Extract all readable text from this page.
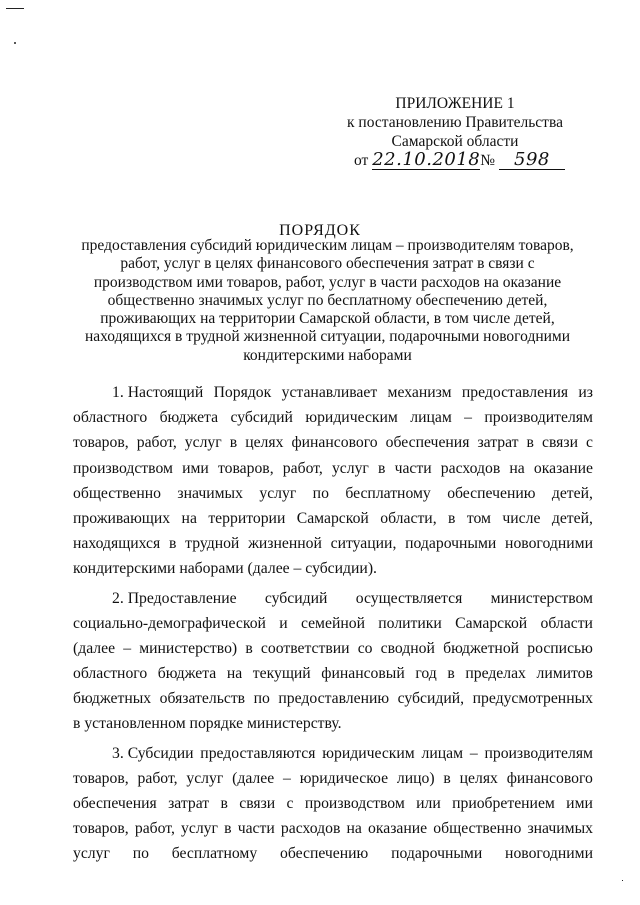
ПРИЛОЖЕНИЕ 1
к постановлению Правительства
Самарской области
от 22.10.2018№ 598
ПОРЯДОК
предоставления субсидий юридическим лицам – производителям товаров,
работ, услуг в целях финансового обеспечения затрат в связи с
производством ими товаров, работ, услуг в части расходов на оказание
общественно значимых услуг по бесплатному обеспечению детей,
проживающих на территории Самарской области, в том числе детей,
находящихся в трудной жизненной ситуации, подарочными новогодними
кондитерскими наборами
1. Настоящий Порядок устанавливает механизм предоставления из
областного бюджета субсидий юридическим лицам – производителям
товаров, работ, услуг в целях финансового обеспечения затрат в связи с
производством ими товаров, работ, услуг в части расходов на оказание
общественно значимых услуг по бесплатному обеспечению детей,
проживающих на территории Самарской области, в том числе детей,
находящихся в трудной жизненной ситуации, подарочными новогодними
кондитерскими наборами (далее – субсидии).
2. Предоставление субсидий осуществляется министерством
социально-демографической и семейной политики Самарской области
(далее – министерство) в соответствии со сводной бюджетной росписью
областного бюджета на текущий финансовый год в пределах лимитов
бюджетных обязательств по предоставлению субсидий, предусмотренных
в установленном порядке министерству.
3. Субсидии предоставляются юридическим лицам – производителям
товаров, работ, услуг (далее – юридическое лицо) в целях финансового
обеспечения затрат в связи с производством или приобретением ими
товаров, работ, услуг в части расходов на оказание общественно значимых
услуг по бесплатному обеспечению подарочными новогодними
